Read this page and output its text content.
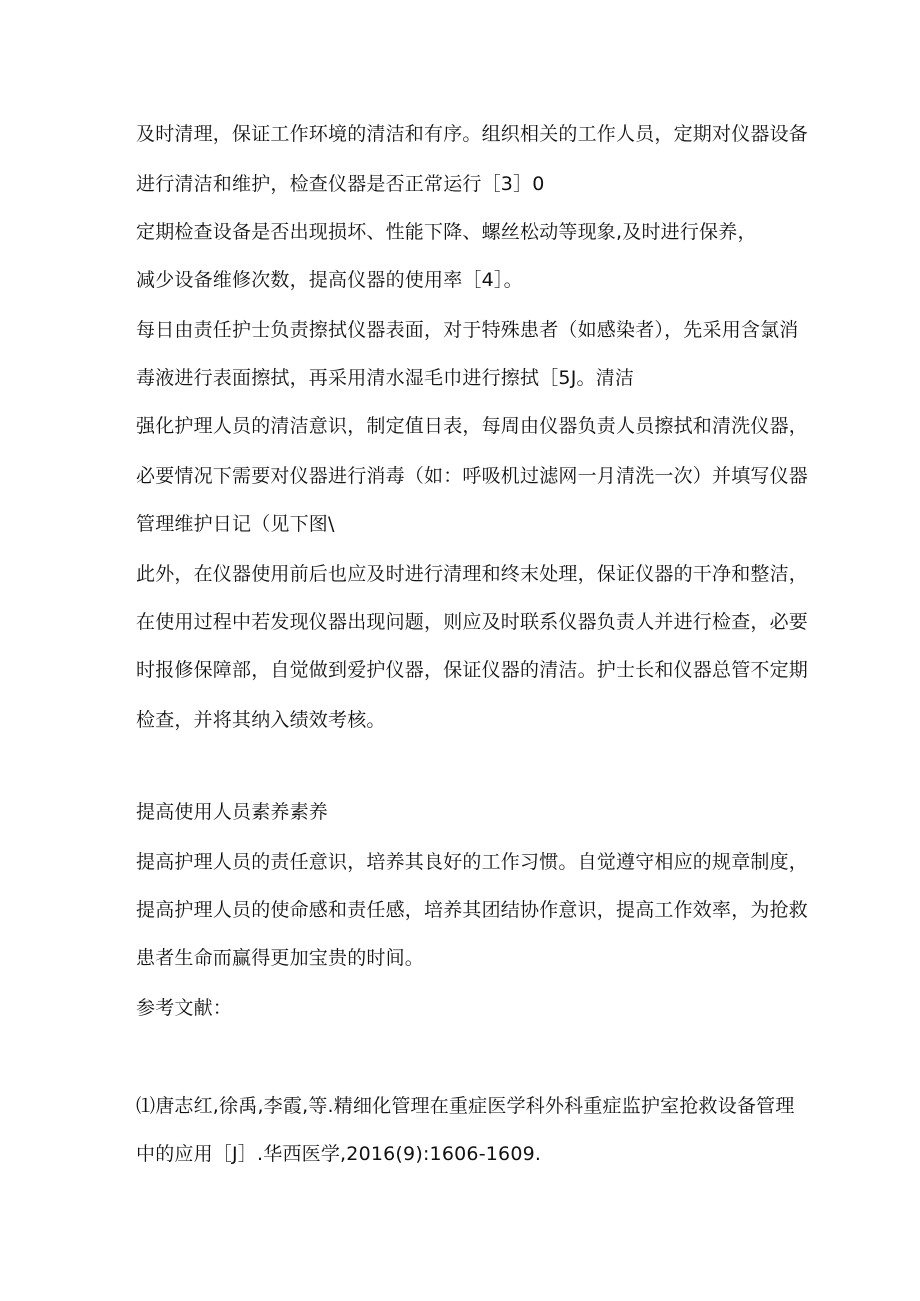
及时清理，保证工作环境的清洁和有序。组织相关的工作人员，定期对仪器设备
进行清洁和维护，检查仪器是否正常运行［3］0
定期检查设备是否出现损坏、性能下降、螺丝松动等现象,及时进行保养，
减少设备维修次数，提高仪器的使用率［4］。
每日由责任护士负责擦拭仪器表面，对于特殊患者（如感染者），先采用含氯消
毒液进行表面擦拭，再采用清水湿毛巾进行擦拭［5J。清洁
强化护理人员的清洁意识，制定值日表，每周由仪器负责人员擦拭和清洗仪器，
必要情况下需要对仪器进行消毒（如：呼吸机过滤网一月清洗一次）并填写仪器
管理维护日记（见下图\
此外，在仪器使用前后也应及时进行清理和终末处理，保证仪器的干净和整洁，
在使用过程中若发现仪器出现问题，则应及时联系仪器负责人并进行检查，必要
时报修保障部，自觉做到爱护仪器，保证仪器的清洁。护士长和仪器总管不定期
检查，并将其纳入绩效考核。
提高使用人员素养素养
提高护理人员的责任意识，培养其良好的工作习惯。自觉遵守相应的规章制度，
提高护理人员的使命感和责任感，培养其团结协作意识，提高工作效率，为抢救
患者生命而赢得更加宝贵的时间。
参考文献：
⑴唐志红,徐禹,李霞,等.精细化管理在重症医学科外科重症监护室抢救设备管理
中的应用［J］.华西医学,2016(9):1606-1609.
